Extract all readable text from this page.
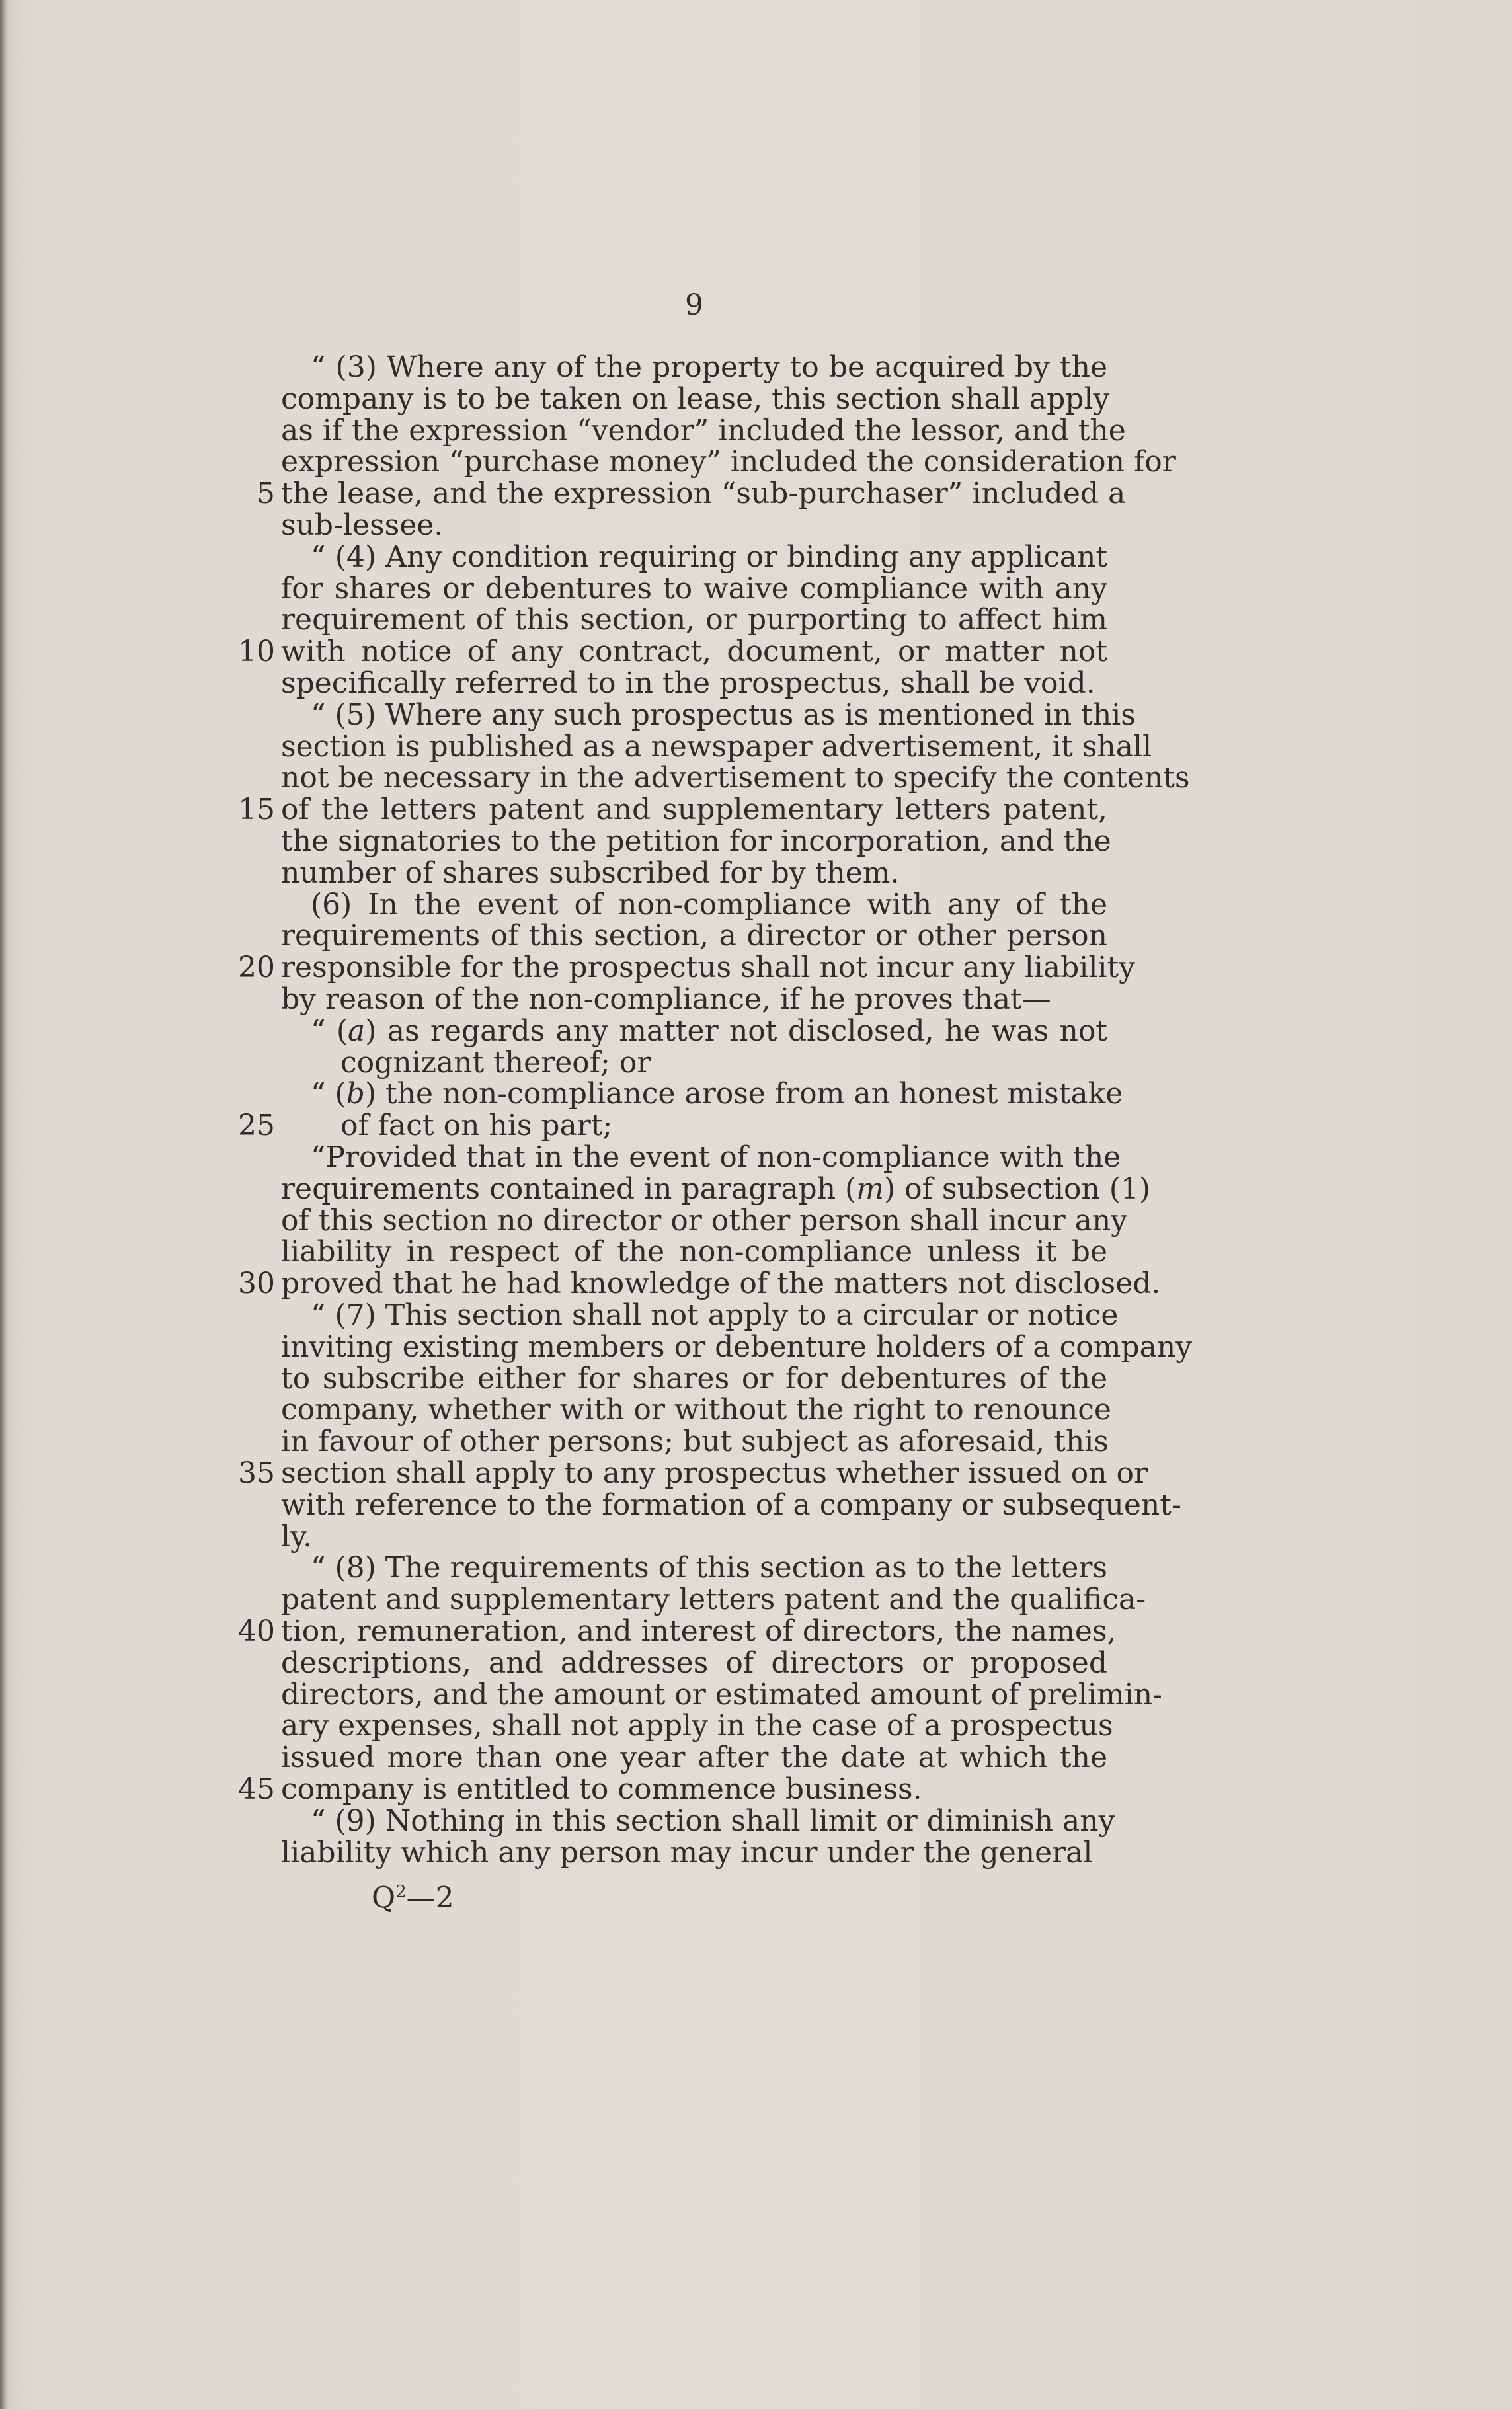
9
“ (3) Where any of the property to be acquired by the
company is to be taken on lease, this section shall apply
as if the expression “vendor” included the lessor, and the
expression “purchase money” included the consideration for
the lease, and the expression “sub-purchaser” included a
sub-lessee.
“ (4) Any condition requiring or binding any applicant
for shares or debentures to waive compliance with any
requirement of this section, or purporting to affect him
with notice of any contract, document, or matter not
specifically referred to in the prospectus, shall be void.
“ (5) Where any such prospectus as is mentioned in this
section is published as a newspaper advertisement, it shall
not be necessary in the advertisement to specify the contents
of the letters patent and supplementary letters patent,
the signatories to the petition for incorporation, and the
number of shares subscribed for by them.
(6) In the event of non-compliance with any of the
requirements of this section, a director or other person
responsible for the prospectus shall not incur any liability
by reason of the non-compliance, if he proves that—
“ (a) as regards any matter not disclosed, he was not
cognizant thereof; or
“ (b) the non-compliance arose from an honest mistake
of fact on his part;
“Provided that in the event of non-compliance with the
requirements contained in paragraph (m) of subsection (1)
of this section no director or other person shall incur any
liability in respect of the non-compliance unless it be
proved that he had knowledge of the matters not disclosed.
“ (7) This section shall not apply to a circular or notice
inviting existing members or debenture holders of a company
to subscribe either for shares or for debentures of the
company, whether with or without the right to renounce
in favour of other persons; but subject as aforesaid, this
section shall apply to any prospectus whether issued on or
with reference to the formation of a company or subsequent-
ly.
“ (8) The requirements of this section as to the letters
patent and supplementary letters patent and the qualifica-
tion, remuneration, and interest of directors, the names,
descriptions, and addresses of directors or proposed
directors, and the amount or estimated amount of prelimin-
ary expenses, shall not apply in the case of a prospectus
issued more than one year after the date at which the
company is entitled to commence business.
“ (9) Nothing in this section shall limit or diminish any
liability which any person may incur under the general
5
10
15
20
25
30
35
40
45
$Q^2—2$
